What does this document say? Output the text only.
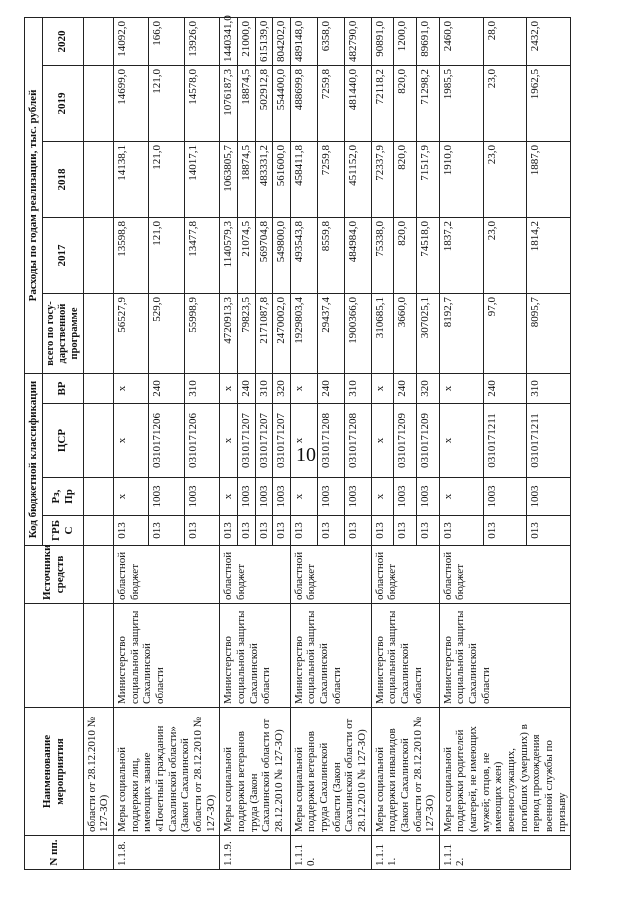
10
N пп.	Наименование мероприятия		Источники средств	Код бюджетной классификации				Расходы по годам реализации, тыс. рублей				
				ГРБ С	Рз, Пр	ЦСР	ВР	всего по госу-дарственной программе	2017	2018	2019	2020
	области от 28.12.2010 № 127-ЗО)											
1.1.8.	Меры социальной поддержки лиц, имеющих звание «Почетный гражданин Сахалинской области» (Закон Сахалинской области от 28.12.2010 № 127-ЗО)	Министерство социальной защиты Сахалинской области	областной бюджет	013	x	x	x	56527,9	13598,8	14138,1	14699,0	14092,0
				013	1003	0310171206	240	529,0	121,0	121,0	121,0	166,0
				013	1003	0310171206	310	55998,9	13477,8	14017,1	14578,0	13926,0
1.1.9.	Меры социальной поддержки ветеранов труда (Закон Сахалинской области от 28.12.2010 № 127-ЗО)	Министерство социальной защиты Сахалинской области	областной бюджет	013	x	x	x	4720913,3	1140579,3	1063805,7	1076187,3	1440341,0
				013	1003	0310171207	240	79823,5	21074,5	18874,5	18874,5	21000,0
				013	1003	0310171207	310	2171087,8	569704,8	483331,2	502912,8	615139,0
				013	1003	0310171207	320	2470002,0	549800,0	561600,0	554400,0	804202,0
1.1.1 0.	Меры социальной поддержки ветеранов труда Сахалинской области (Закон Сахалинской области от 28.12.2010 № 127-ЗО)	Министерство социальной защиты Сахалинской области	областной бюджет	013	x	x	x	1929803,4	493543,8	458411,8	488699,8	489148,0
				013	1003	0310171208	240	29437,4	8559,8	7259,8	7259,8	6358,0
				013	1003	0310171208	310	1900366,0	484984,0	451152,0	481440,0	482790,0
1.1.1 1.	Меры социальной поддержки инвалидов (Закон Сахалинской области от 28.12.2010 № 127-ЗО)	Министерство социальной защиты Сахалинской области	областной бюджет	013	x	x	x	310685,1	75338,0	72337,9	72118,2	90891,0
				013	1003	0310171209	240	3660,0	820,0	820,0	820,0	1200,0
				013	1003	0310171209	320	307025,1	74518,0	71517,9	71298,2	89691,0
1.1.1 2.	Меры социальной поддержки родителей (матерей, не имеющих мужей; отцов, не имеющих жен) военнослужащих, погибших (умерших) в период прохождения военной службы по призыву	Министерство социальной защиты Сахалинской области	областной бюджет	013	x	x	x	8192,7	1837,2	1910,0	1985,5	2460,0
				013	1003	0310171211	240	97,0	23,0	23,0	23,0	28,0
				013	1003	0310171211	310	8095,7	1814,2	1887,0	1962,5	2432,0
